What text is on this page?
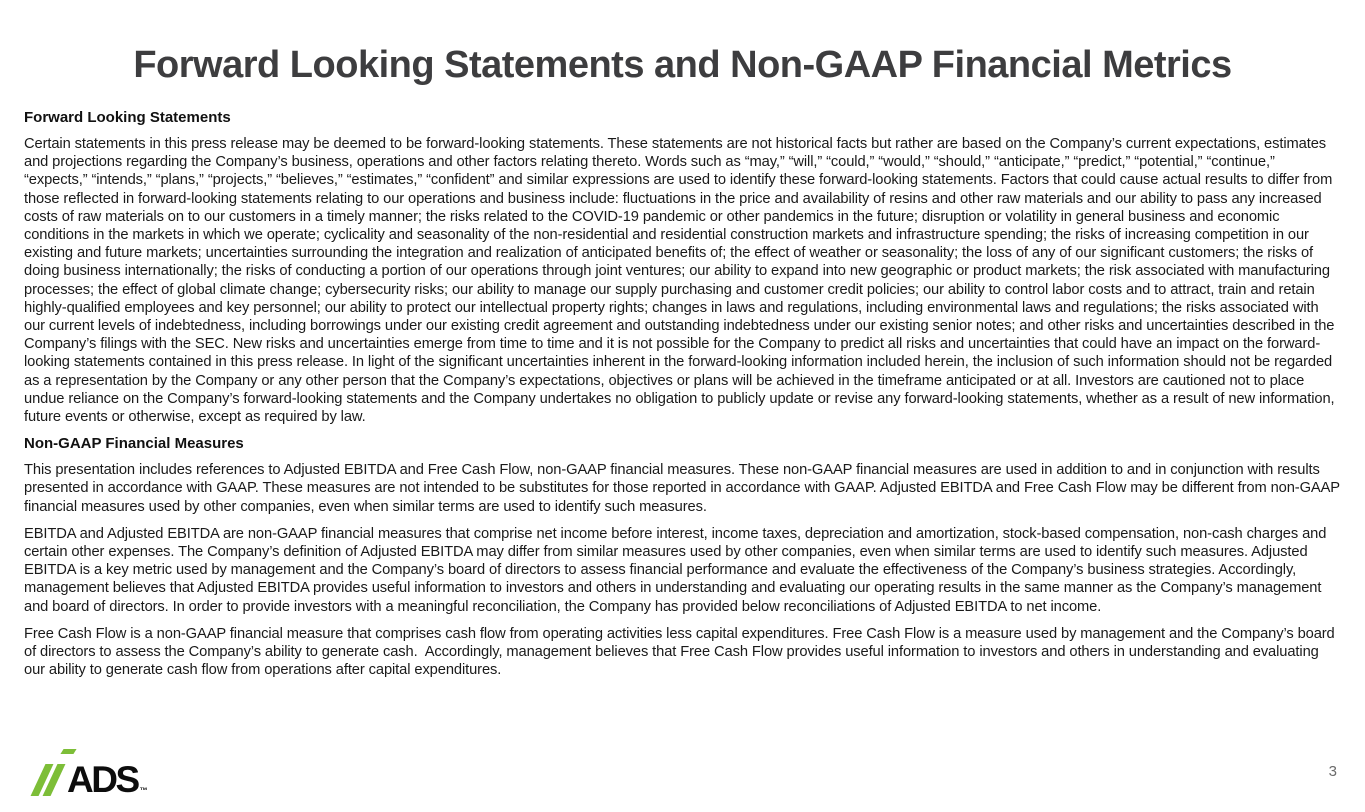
Forward Looking Statements and Non-GAAP Financial Metrics
Forward Looking Statements

Certain statements in this press release may be deemed to be forward-looking statements. These statements are not historical facts but rather are based on the Company’s current expectations, estimates and projections regarding the Company’s business, operations and other factors relating thereto. Words such as “may,” “will,” “could,” “would,” “should,” “anticipate,” “predict,” “potential,” “continue,” “expects,” “intends,” “plans,” “projects,” “believes,” “estimates,” “confident” and similar expressions are used to identify these forward-looking statements. Factors that could cause actual results to differ from those reflected in forward-looking statements relating to our operations and business include: fluctuations in the price and availability of resins and other raw materials and our ability to pass any increased costs of raw materials on to our customers in a timely manner; the risks related to the COVID-19 pandemic or other pandemics in the future; disruption or volatility in general business and economic conditions in the markets in which we operate; cyclicality and seasonality of the non-residential and residential construction markets and infrastructure spending; the risks of increasing competition in our existing and future markets; uncertainties surrounding the integration and realization of anticipated benefits of; the effect of weather or seasonality; the loss of any of our significant customers; the risks of doing business internationally; the risks of conducting a portion of our operations through joint ventures; our ability to expand into new geographic or product markets; the risk associated with manufacturing processes; the effect of global climate change; cybersecurity risks; our ability to manage our supply purchasing and customer credit policies; our ability to control labor costs and to attract, train and retain highly-qualified employees and key personnel; our ability to protect our intellectual property rights; changes in laws and regulations, including environmental laws and regulations; the risks associated with our current levels of indebtedness, including borrowings under our existing credit agreement and outstanding indebtedness under our existing senior notes; and other risks and uncertainties described in the Company’s filings with the SEC. New risks and uncertainties emerge from time to time and it is not possible for the Company to predict all risks and uncertainties that could have an impact on the forward-looking statements contained in this press release. In light of the significant uncertainties inherent in the forward-looking information included herein, the inclusion of such information should not be regarded as a representation by the Company or any other person that the Company’s expectations, objectives or plans will be achieved in the timeframe anticipated or at all. Investors are cautioned not to place undue reliance on the Company’s forward-looking statements and the Company undertakes no obligation to publicly update or revise any forward-looking statements, whether as a result of new information, future events or otherwise, except as required by law.

Non-GAAP Financial Measures

This presentation includes references to Adjusted EBITDA and Free Cash Flow, non-GAAP financial measures. These non-GAAP financial measures are used in addition to and in conjunction with results presented in accordance with GAAP. These measures are not intended to be substitutes for those reported in accordance with GAAP. Adjusted EBITDA and Free Cash Flow may be different from non-GAAP financial measures used by other companies, even when similar terms are used to identify such measures.

EBITDA and Adjusted EBITDA are non-GAAP financial measures that comprise net income before interest, income taxes, depreciation and amortization, stock-based compensation, non-cash charges and certain other expenses. The Company’s definition of Adjusted EBITDA may differ from similar measures used by other companies, even when similar terms are used to identify such measures. Adjusted EBITDA is a key metric used by management and the Company’s board of directors to assess financial performance and evaluate the effectiveness of the Company’s business strategies. Accordingly, management believes that Adjusted EBITDA provides useful information to investors and others in understanding and evaluating our operating results in the same manner as the Company’s management and board of directors. In order to provide investors with a meaningful reconciliation, the Company has provided below reconciliations of Adjusted EBITDA to net income.

Free Cash Flow is a non-GAAP financial measure that comprises cash flow from operating activities less capital expenditures. Free Cash Flow is a measure used by management and the Company’s board of directors to assess the Company’s ability to generate cash.  Accordingly, management believes that Free Cash Flow provides useful information to investors and others in understanding and evaluating our ability to generate cash flow from operations after capital expenditures.

ADS ™
3
